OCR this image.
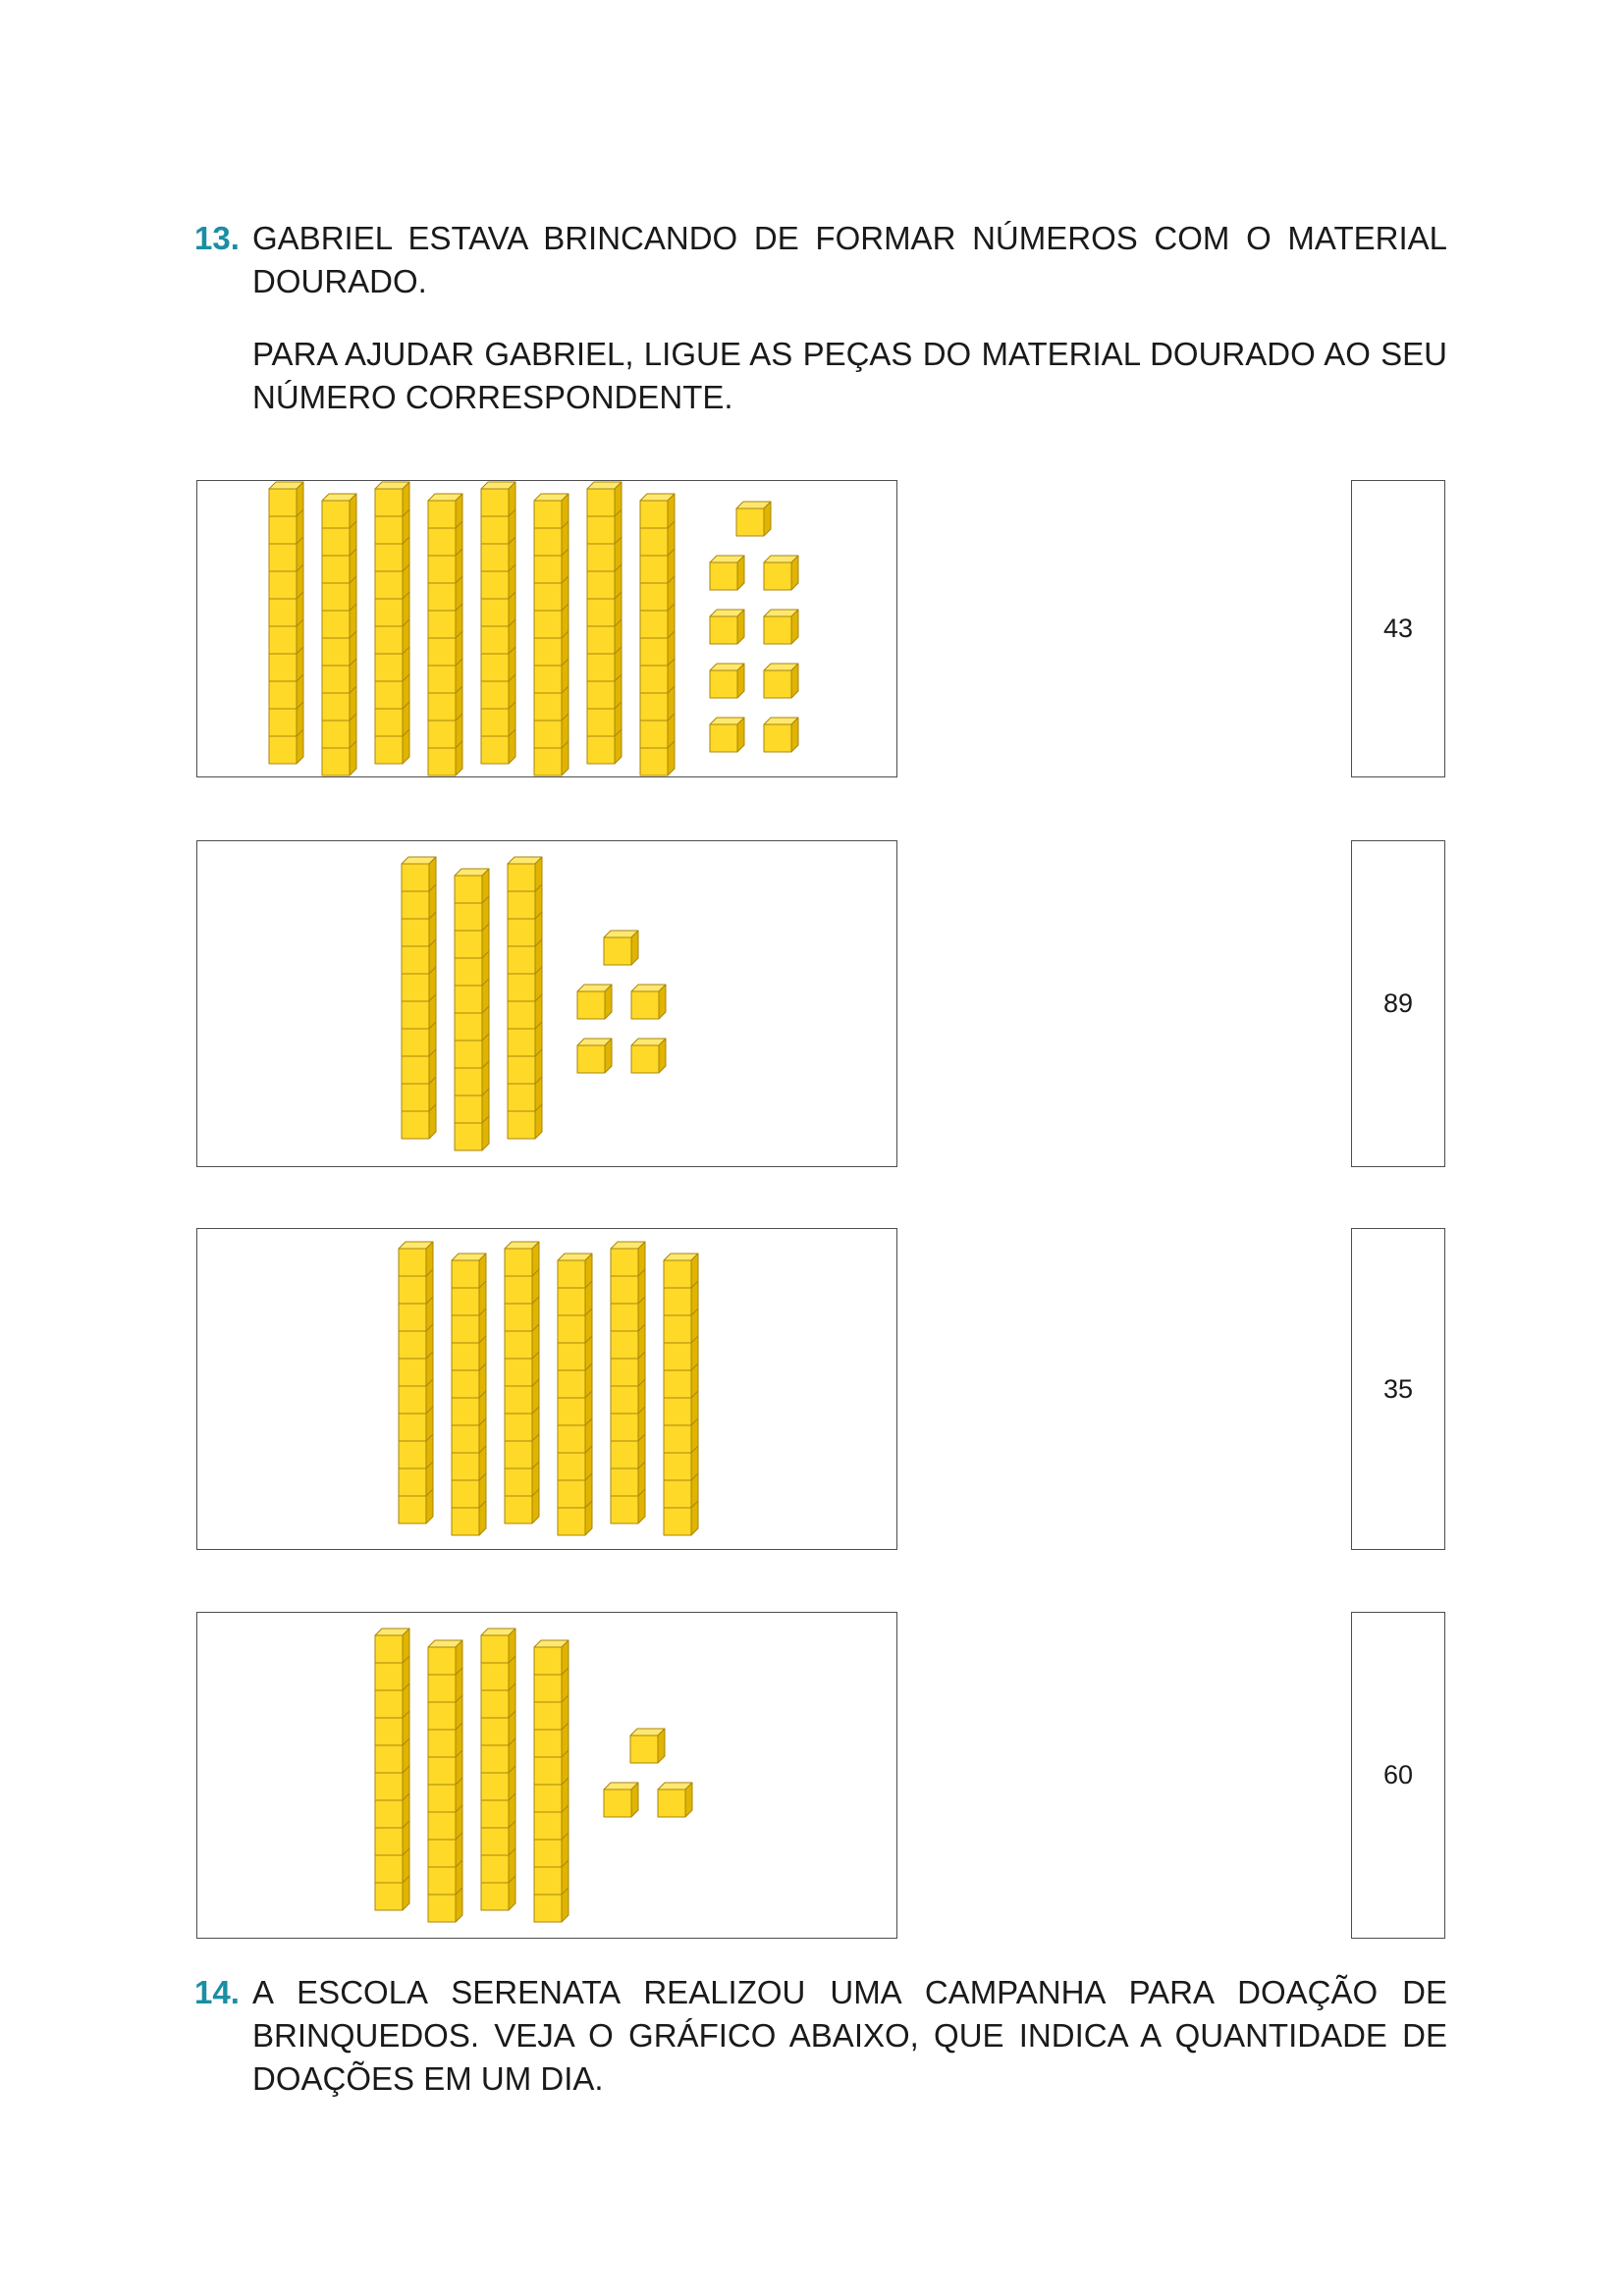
13. GABRIEL ESTAVA BRINCANDO DE FORMAR NÚMEROS COM O MATERIAL DOURADO.

PARA AJUDAR GABRIEL, LIGUE AS PEÇAS DO MATERIAL DOURADO AO SEU NÚMERO CORRESPONDENTE.

43
89
35
60
14. A ESCOLA SERENATA REALIZOU UMA CAMPANHA PARA DOAÇÃO DE BRINQUEDOS. VEJA O GRÁFICO ABAIXO, QUE INDICA A QUANTIDADE DE DOAÇÕES EM UM DIA.
